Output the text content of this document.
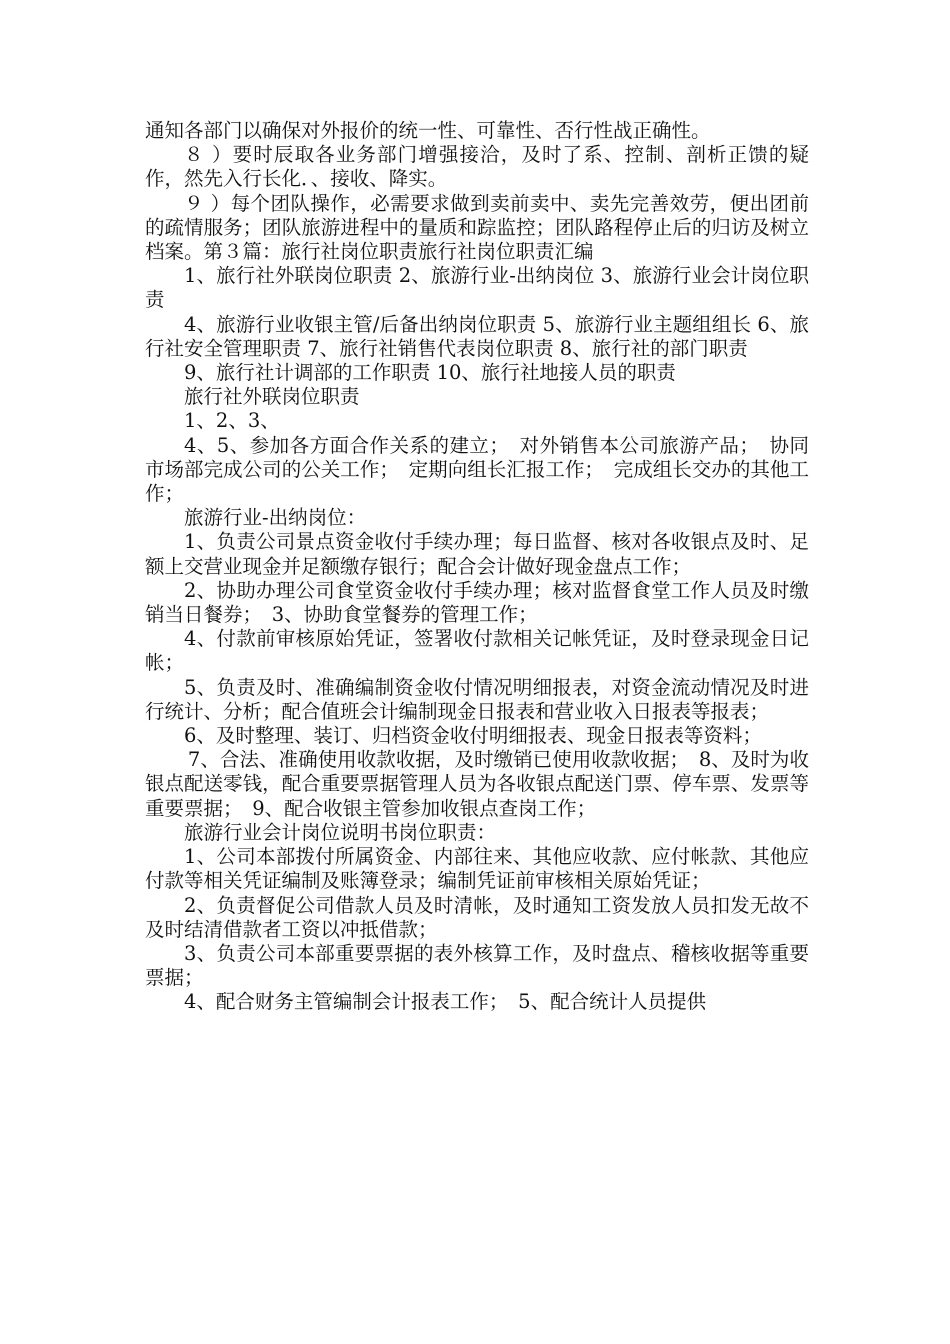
通知各部门以确保对外报价的统一性、可靠性、否行性战正确性。

８ ）要时辰取各业务部门增强接洽，及时了系、控制、剖析正馈的疑作，然先入行长化．、接收、降实。

９ ）每个团队操作，必需要求做到卖前卖中、卖先完善效劳，便出团前的疏情服务；团队旅游进程中的量质和踪监控；团队路程停止后的归访及树立档案。第３篇：旅行社岗位职责旅行社岗位职责汇编

1、旅行社外联岗位职责 2、旅游行业-出纳岗位 3、旅游行业会计岗位职责

4、旅游行业收银主管/后备出纳岗位职责 5、旅游行业主题组组长 6、旅行社安全管理职责 7、旅行社销售代表岗位职责 8、旅行社的部门职责

9、旅行社计调部的工作职责 10、旅行社地接人员的职责

旅行社外联岗位职责

1、2、3、

4、5、参加各方面合作关系的建立；　对外销售本公司旅游产品；　协同市场部完成公司的公关工作；　定期向组长汇报工作；　完成组长交办的其他工作；

旅游行业-出纳岗位：

1、负责公司景点资金收付手续办理；每日监督、核对各收银点及时、足额上交营业现金并足额缴存银行；配合会计做好现金盘点工作；

2、协助办理公司食堂资金收付手续办理；核对监督食堂工作人员及时缴销当日餐券；　3、协助食堂餐券的管理工作；

4、付款前审核原始凭证，签署收付款相关记帐凭证，及时登录现金日记帐；

5、负责及时、准确编制资金收付情况明细报表，对资金流动情况及时进行统计、分析；配合值班会计编制现金日报表和营业收入日报表等报表；

6、及时整理、装订、归档资金收付明细报表、现金日报表等资料；

7、合法、准确使用收款收据，及时缴销已使用收款收据；　8、及时为收银点配送零钱，配合重要票据管理人员为各收银点配送门票、停车票、发票等重要票据；　9、配合收银主管参加收银点查岗工作；

旅游行业会计岗位说明书岗位职责：

1、公司本部拨付所属资金、内部往来、其他应收款、应付帐款、其他应付款等相关凭证编制及账簿登录；编制凭证前审核相关原始凭证；

2、负责督促公司借款人员及时清帐，及时通知工资发放人员扣发无故不及时结清借款者工资以冲抵借款；

3、负责公司本部重要票据的表外核算工作，及时盘点、稽核收据等重要票据；

4、配合财务主管编制会计报表工作；　5、配合统计人员提供
